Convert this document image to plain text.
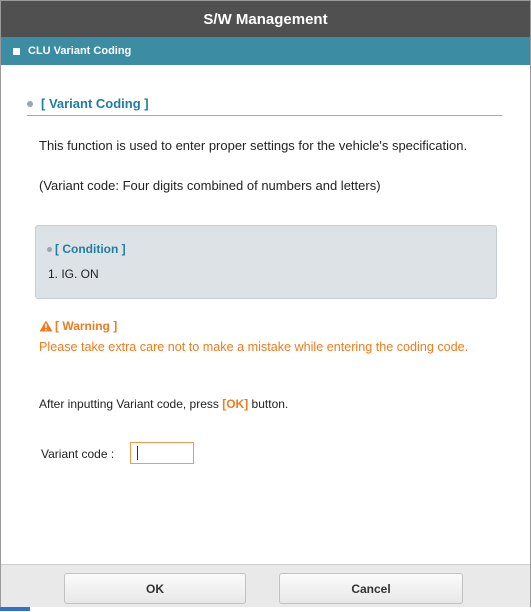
S/W Management
CLU Variant Coding
[ Variant Coding ]
This function is used to enter proper settings for the vehicle's specification.
(Variant code: Four digits combined of numbers and letters)
[ Condition ]
1. IG. ON
[ Warning ]
Please take extra care not to make a mistake while entering the coding code.
After inputting Variant code, press [OK] button.
Variant code :
OK	Cancel
